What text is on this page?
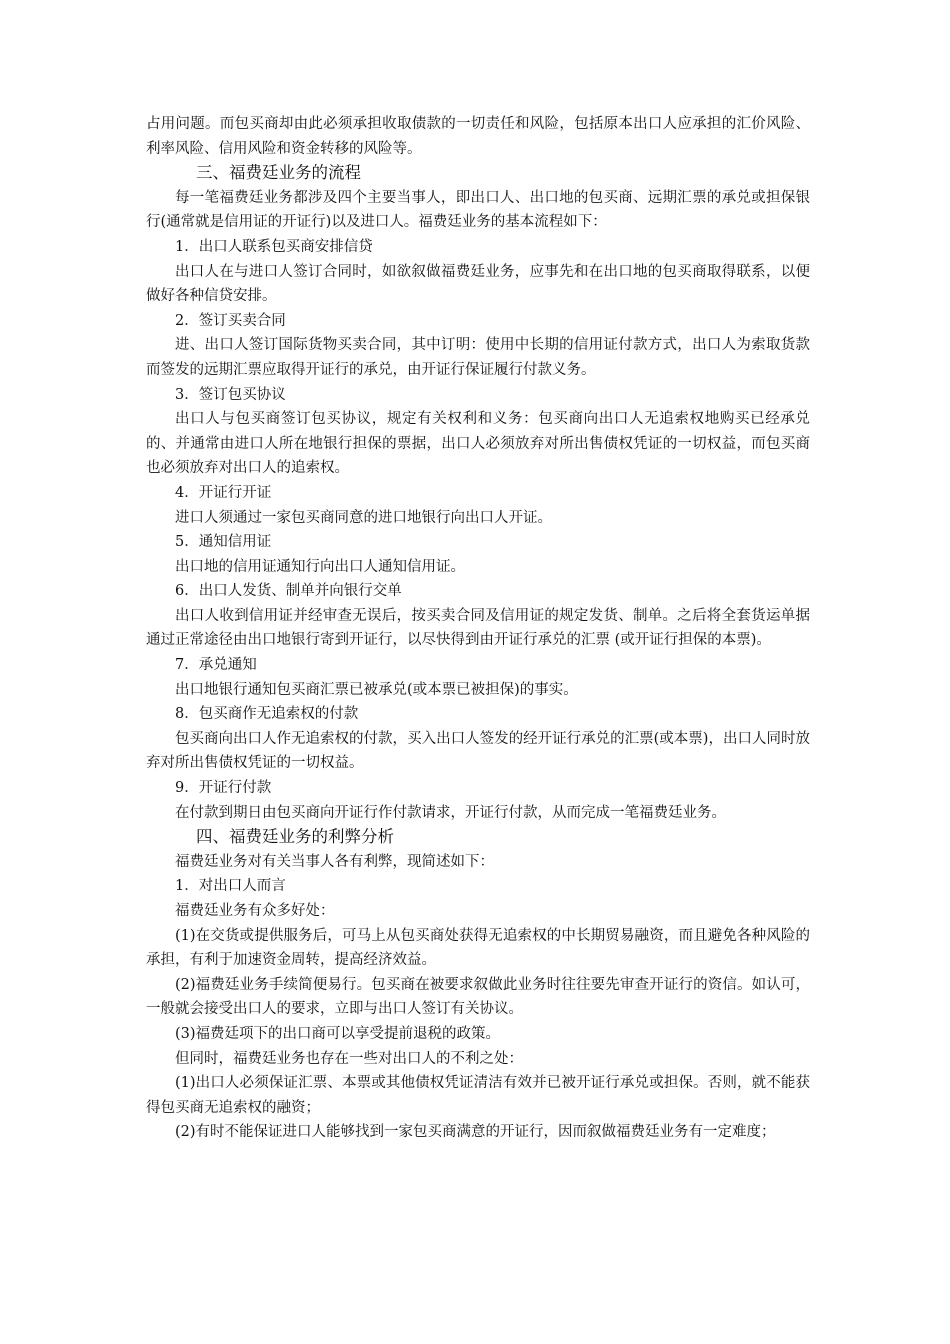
占用问题。而包买商却由此必须承担收取债款的一切责任和风险，包括原本出口人应承担的汇价风险、利率风险、信用风险和资金转移的风险等。

三、福费廷业务的流程

每一笔福费廷业务都涉及四个主要当事人，即出口人、出口地的包买商、远期汇票的承兑或担保银行(通常就是信用证的开证行)以及进口人。福费廷业务的基本流程如下：

1．出口人联系包买商安排信贷

出口人在与进口人签订合同时，如欲叙做福费廷业务，应事先和在出口地的包买商取得联系，以便做好各种信贷安排。

2．签订买卖合同

进、出口人签订国际货物买卖合同，其中订明：使用中长期的信用证付款方式，出口人为索取货款而签发的远期汇票应取得开证行的承兑，由开证行保证履行付款义务。

3．签订包买协议

出口人与包买商签订包买协议，规定有关权利和义务：包买商向出口人无追索权地购买已经承兑的、并通常由进口人所在地银行担保的票据，出口人必须放弃对所出售债权凭证的一切权益，而包买商也必须放弃对出口人的追索权。

4．开证行开证

进口人须通过一家包买商同意的进口地银行向出口人开证。

5．通知信用证

出口地的信用证通知行向出口人通知信用证。

6．出口人发货、制单并向银行交单

出口人收到信用证并经审查无误后，按买卖合同及信用证的规定发货、制单。之后将全套货运单据通过正常途径由出口地银行寄到开证行，以尽快得到由开证行承兑的汇票 (或开证行担保的本票)。

7．承兑通知

出口地银行通知包买商汇票已被承兑(或本票已被担保)的事实。

8．包买商作无追索权的付款

包买商向出口人作无追索权的付款，买入出口人签发的经开证行承兑的汇票(或本票)，出口人同时放弃对所出售债权凭证的一切权益。

9．开证行付款

在付款到期日由包买商向开证行作付款请求，开证行付款，从而完成一笔福费廷业务。

四、福费廷业务的利弊分析

福费廷业务对有关当事人各有利弊，现简述如下：

1．对出口人而言

福费廷业务有众多好处：

(1)在交货或提供服务后，可马上从包买商处获得无追索权的中长期贸易融资，而且避免各种风险的承担，有利于加速资金周转，提高经济效益。

(2)福费廷业务手续简便易行。包买商在被要求叙做此业务时往往要先审查开证行的资信。如认可，一般就会接受出口人的要求，立即与出口人签订有关协议。

(3)福费廷项下的出口商可以享受提前退税的政策。

但同时，福费廷业务也存在一些对出口人的不利之处：

(1)出口人必须保证汇票、本票或其他债权凭证清洁有效并已被开证行承兑或担保。否则，就不能获得包买商无追索权的融资；

(2)有时不能保证进口人能够找到一家包买商满意的开证行，因而叙做福费廷业务有一定难度；
